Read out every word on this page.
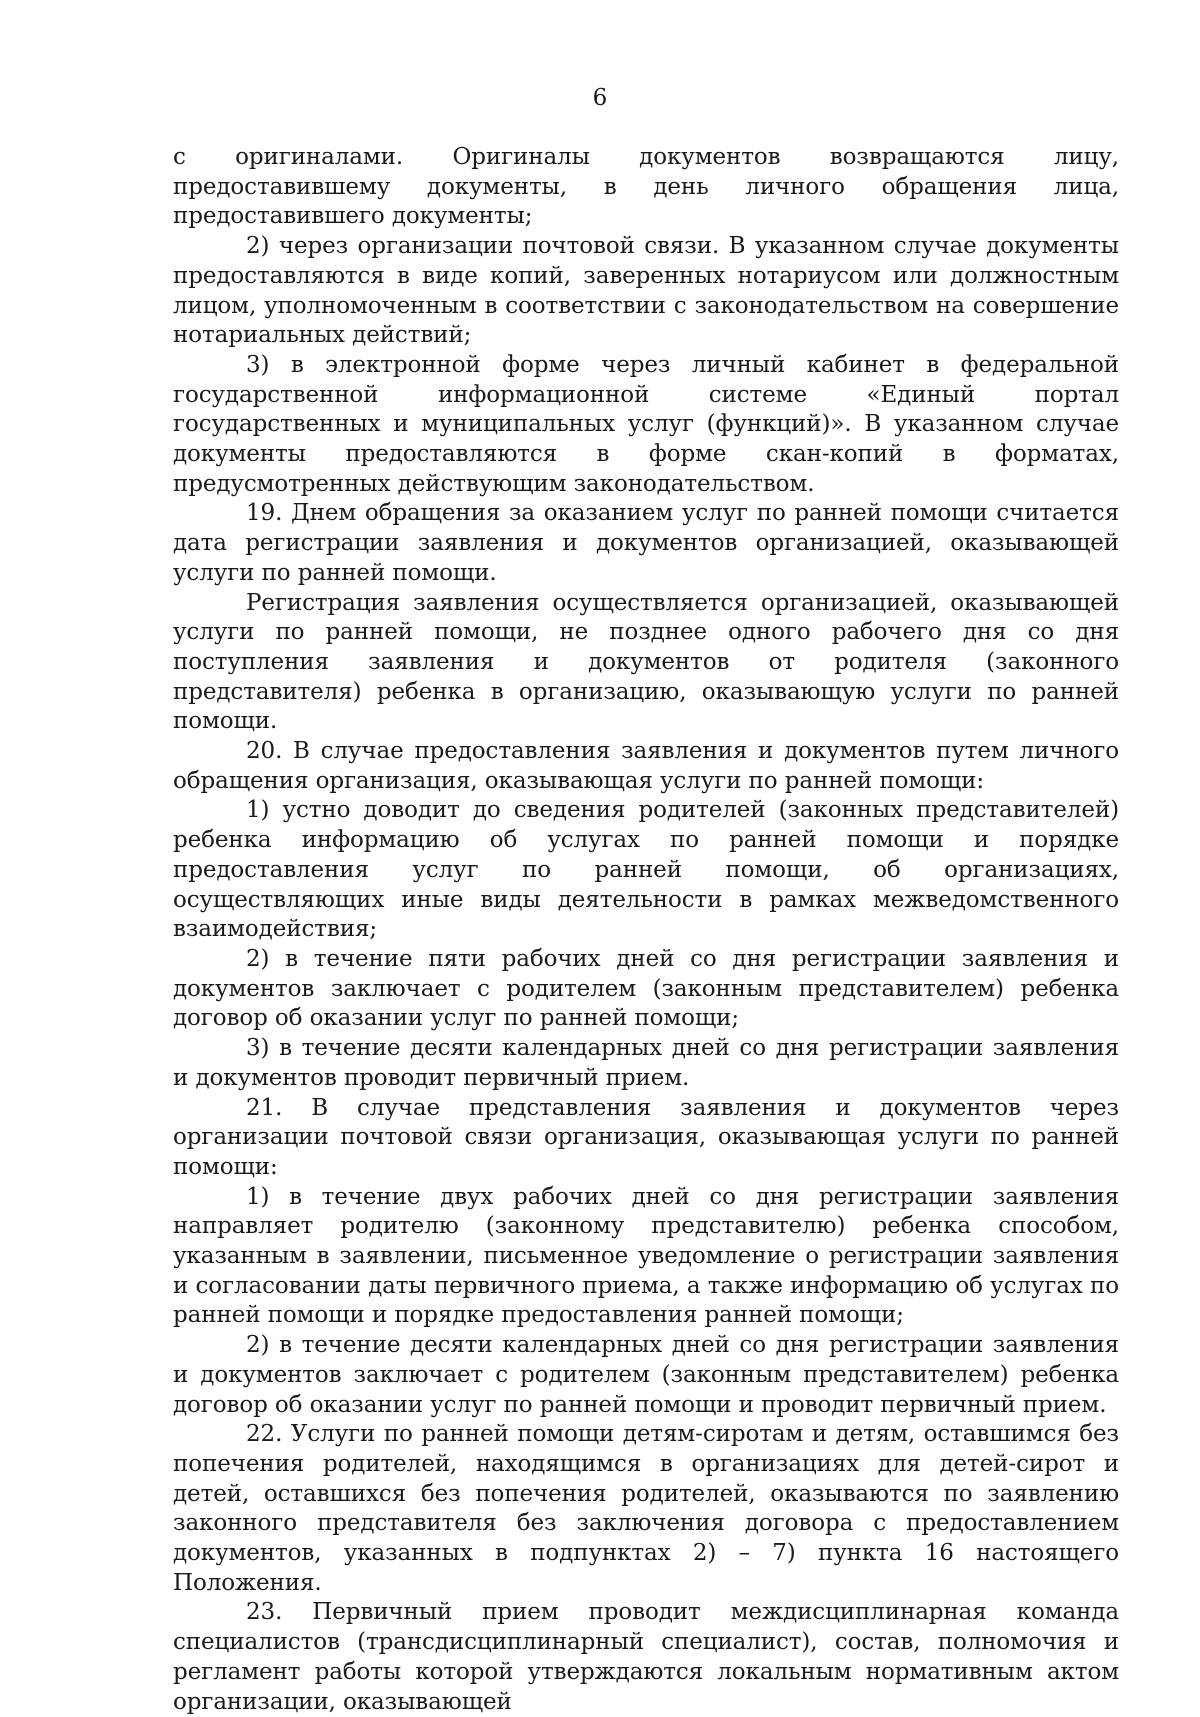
6

с оригиналами. Оригиналы документов возвращаются лицу, предоставившему документы, в день личного обращения лица, предоставившего документы;

2) через организации почтовой связи. В указанном случае документы предоставляются в виде копий, заверенных нотариусом или должностным лицом, уполномоченным в соответствии с законодательством на совершение нотариальных действий;

3) в электронной форме через личный кабинет в федеральной государственной информационной системе «Единый портал государственных и муниципальных услуг (функций)». В указанном случае документы предоставляются в форме скан-копий в форматах, предусмотренных действующим законодательством.

19. Днем обращения за оказанием услуг по ранней помощи считается дата регистрации заявления и документов организацией, оказывающей услуги по ранней помощи.

Регистрация заявления осуществляется организацией, оказывающей услуги по ранней помощи, не позднее одного рабочего дня со дня поступления заявления и документов от родителя (законного представителя) ребенка в организацию, оказывающую услуги по ранней помощи.

20. В случае предоставления заявления и документов путем личного обращения организация, оказывающая услуги по ранней помощи:

1) устно доводит до сведения родителей (законных представителей) ребенка информацию об услугах по ранней помощи и порядке предоставления услуг по ранней помощи, об организациях, осуществляющих иные виды деятельности в рамках межведомственного взаимодействия;

2) в течение пяти рабочих дней со дня регистрации заявления и документов заключает с родителем (законным представителем) ребенка договор об оказании услуг по ранней помощи;

3) в течение десяти календарных дней со дня регистрации заявления и документов проводит первичный прием.

21. В случае представления заявления и документов через организации почтовой связи организация, оказывающая услуги по ранней помощи:

1) в течение двух рабочих дней со дня регистрации заявления направляет родителю (законному представителю) ребенка способом, указанным в заявлении, письменное уведомление о регистрации заявления и согласовании даты первичного приема, а также информацию об услугах по ранней помощи и порядке предоставления ранней помощи;

2) в течение десяти календарных дней со дня регистрации заявления и документов заключает с родителем (законным представителем) ребенка договор об оказании услуг по ранней помощи и проводит первичный прием.

22. Услуги по ранней помощи детям-сиротам и детям, оставшимся без попечения родителей, находящимся в организациях для детей-сирот и детей, оставшихся без попечения родителей, оказываются по заявлению законного представителя без заключения договора с предоставлением документов, указанных в подпунктах 2) – 7) пункта 16 настоящего Положения.

23. Первичный прием проводит междисциплинарная команда специалистов (трансдисциплинарный специалист), состав, полномочия и регламент работы которой утверждаются локальным нормативным актом организации, оказывающей
